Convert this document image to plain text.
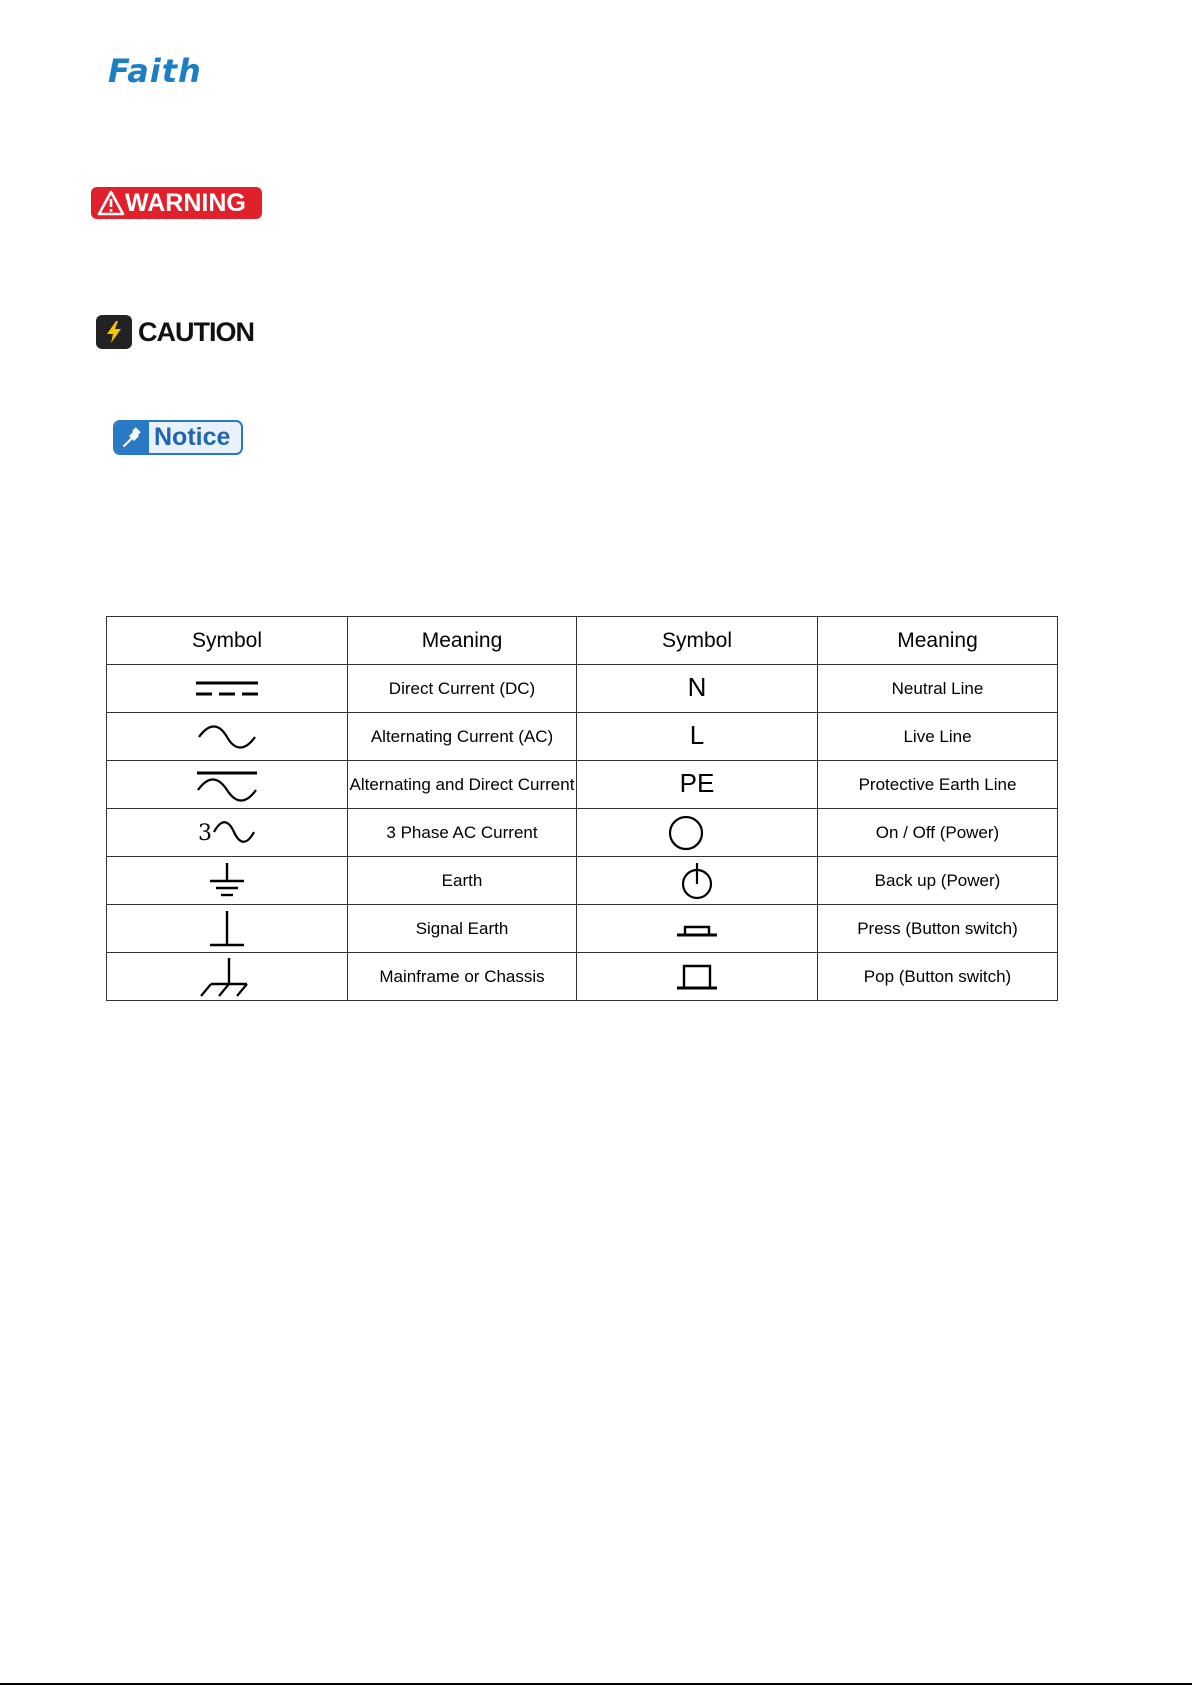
Faith
WARNING
CAUTION
Notice
Symbol	Meaning	Symbol	Meaning

	Direct Current (DC)	N	Neutral Line

	Alternating Current (AC)	L	Live Line

	Alternating and Direct Current	PE	Protective Earth Line

3	3 Phase AC Current		On / Off (Power)

	Earth		Back up (Power)

	Signal Earth		Press (Button switch)

	Mainframe or Chassis		Pop (Button switch)
